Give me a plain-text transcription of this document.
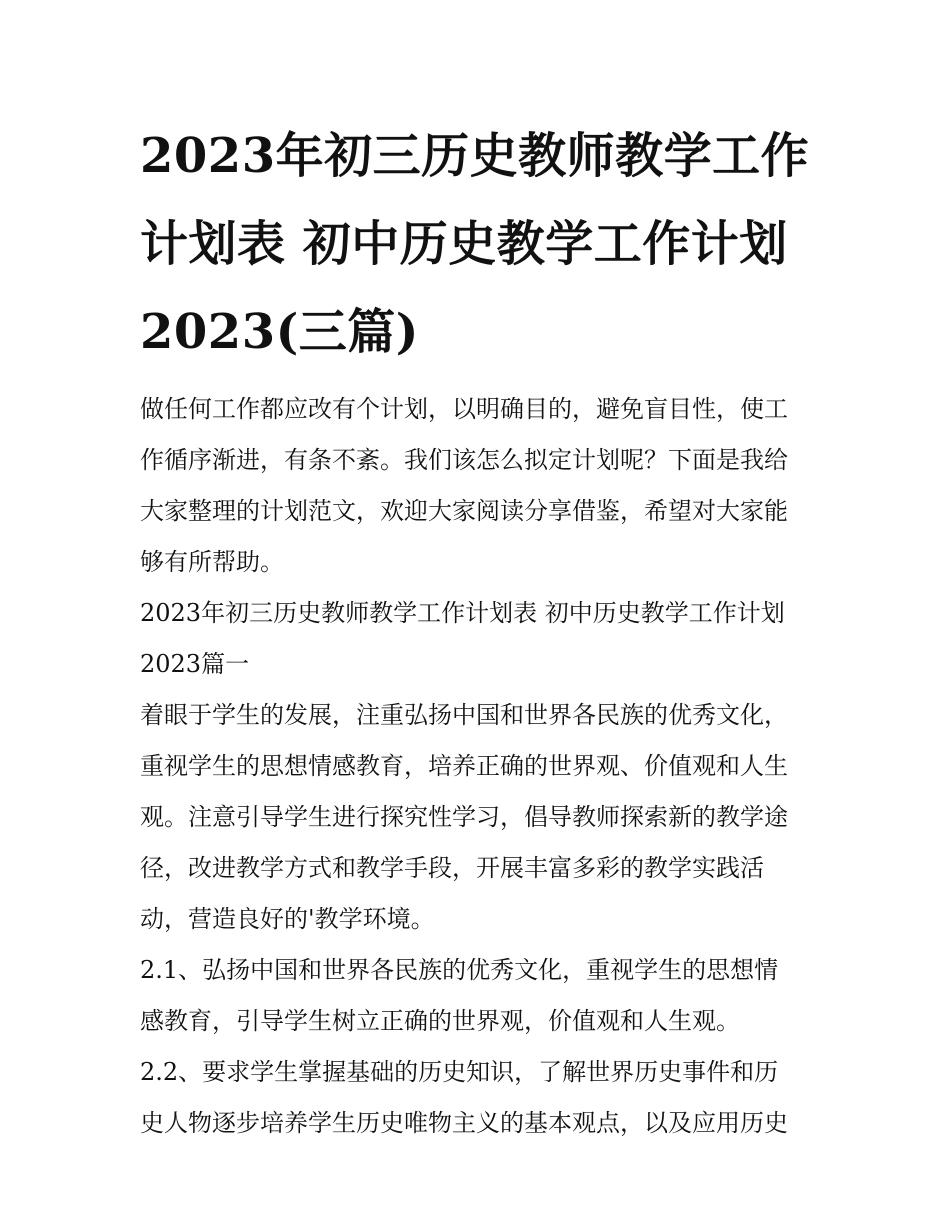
2023年初三历史教师教学工作
计划表 初中历史教学工作计划
2023(三篇)

做任何工作都应改有个计划，以明确目的，避免盲目性，使工
作循序渐进，有条不紊。我们该怎么拟定计划呢？下面是我给
大家整理的计划范文，欢迎大家阅读分享借鉴，希望对大家能
够有所帮助。

2023年初三历史教师教学工作计划表 初中历史教学工作计划
2023篇一

着眼于学生的发展，注重弘扬中国和世界各民族的优秀文化，
重视学生的思想情感教育，培养正确的世界观、价值观和人生
观。注意引导学生进行探究性学习，倡导教师探索新的教学途
径，改进教学方式和教学手段，开展丰富多彩的教学实践活
动，营造良好的'教学环境。

2.1、弘扬中国和世界各民族的优秀文化，重视学生的思想情
感教育，引导学生树立正确的世界观，价值观和人生观。

2.2、要求学生掌握基础的历史知识，了解世界历史事件和历
史人物逐步培养学生历史唯物主义的基本观点，以及应用历史
